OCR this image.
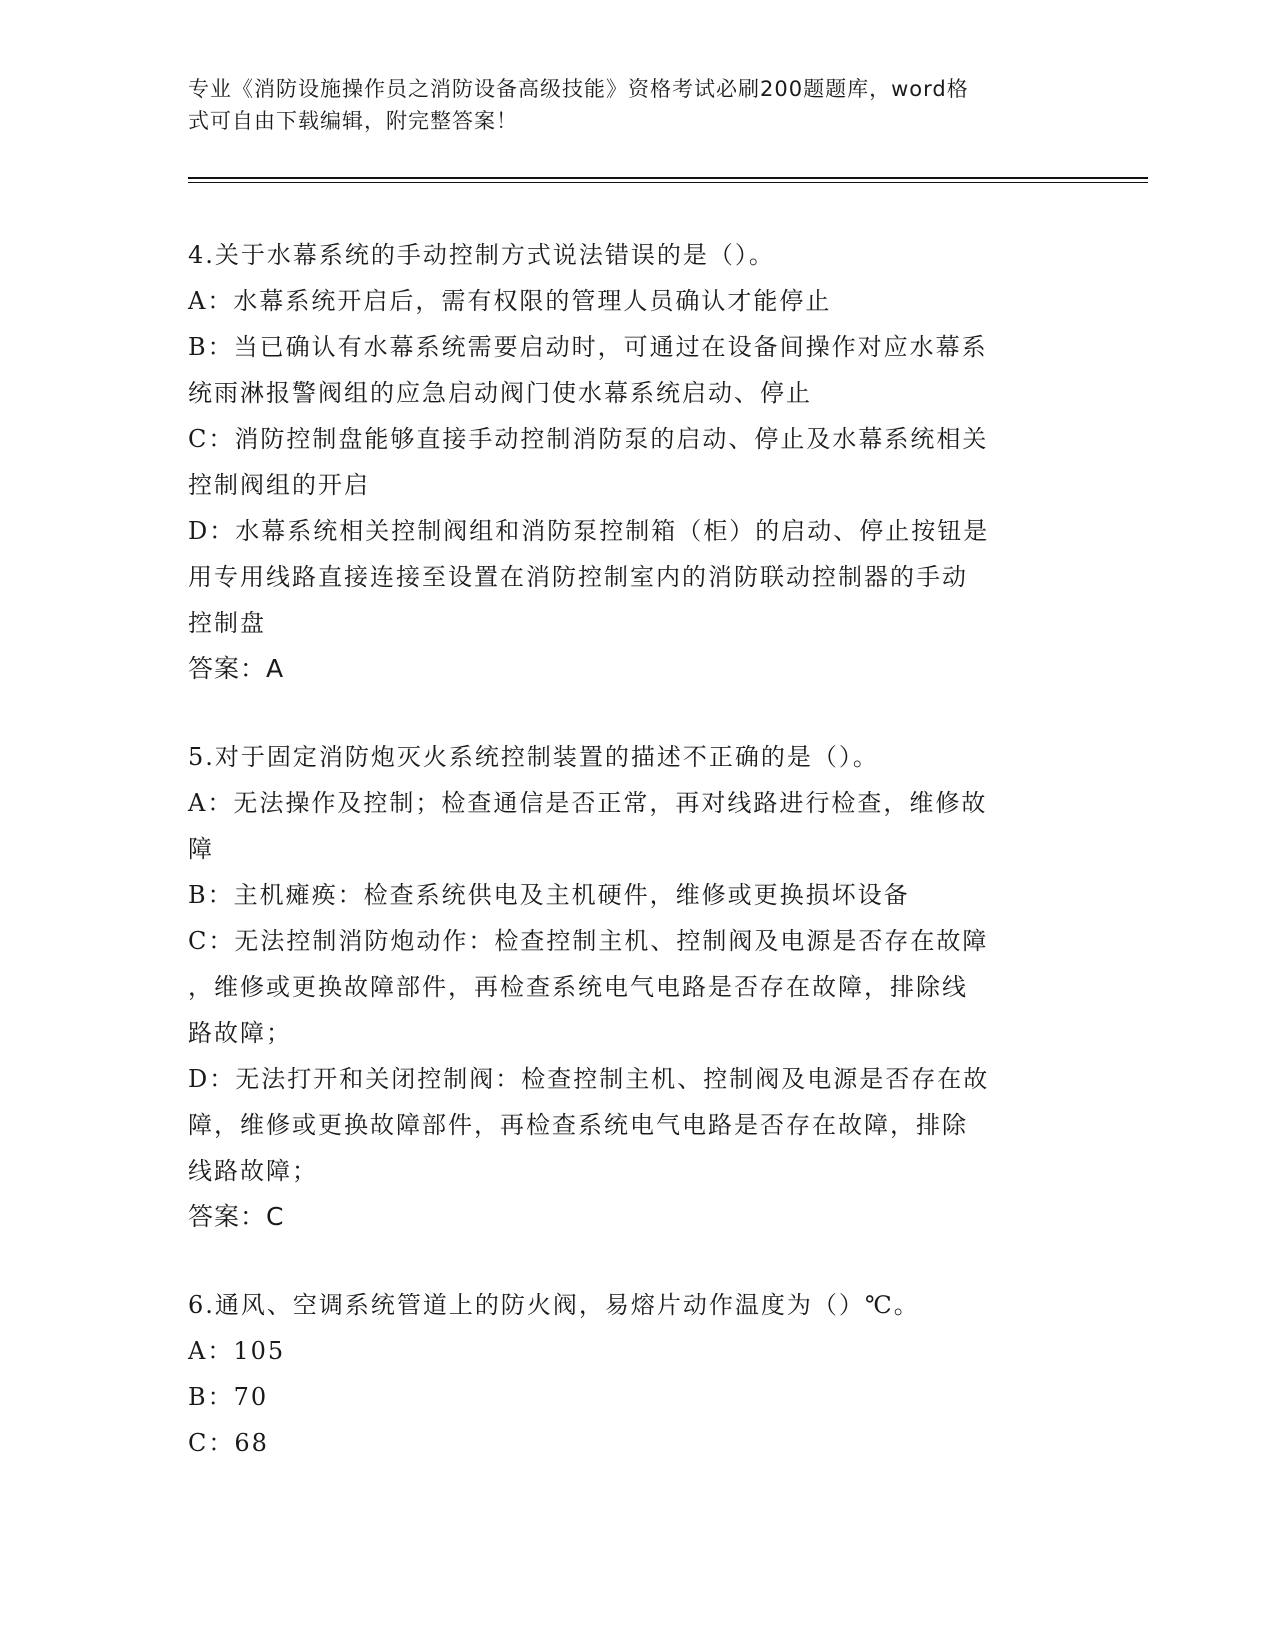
专业《消防设施操作员之消防设备高级技能》资格考试必刷200题题库，word格
式可自由下载编辑，附完整答案！
4.关于水幕系统的手动控制方式说法错误的是（）。
A：水幕系统开启后，需有权限的管理人员确认才能停止
B：当已确认有水幕系统需要启动时，可通过在设备间操作对应水幕系
统雨淋报警阀组的应急启动阀门使水幕系统启动、停止
C：消防控制盘能够直接手动控制消防泵的启动、停止及水幕系统相关
控制阀组的开启
D：水幕系统相关控制阀组和消防泵控制箱（柜）的启动、停止按钮是
用专用线路直接连接至设置在消防控制室内的消防联动控制器的手动
控制盘
答案：A
5.对于固定消防炮灭火系统控制装置的描述不正确的是（）。
A：无法操作及控制；检查通信是否正常，再对线路进行检查，维修故
障
B：主机瘫痪：检查系统供电及主机硬件，维修或更换损坏设备
C：无法控制消防炮动作：检查控制主机、控制阀及电源是否存在故障
，维修或更换故障部件，再检查系统电气电路是否存在故障，排除线
路故障；
D：无法打开和关闭控制阀：检查控制主机、控制阀及电源是否存在故
障，维修或更换故障部件，再检查系统电气电路是否存在故障，排除
线路故障；
答案：C
6.通风、空调系统管道上的防火阀，易熔片动作温度为（）℃。
A：105
B：70
C：68
